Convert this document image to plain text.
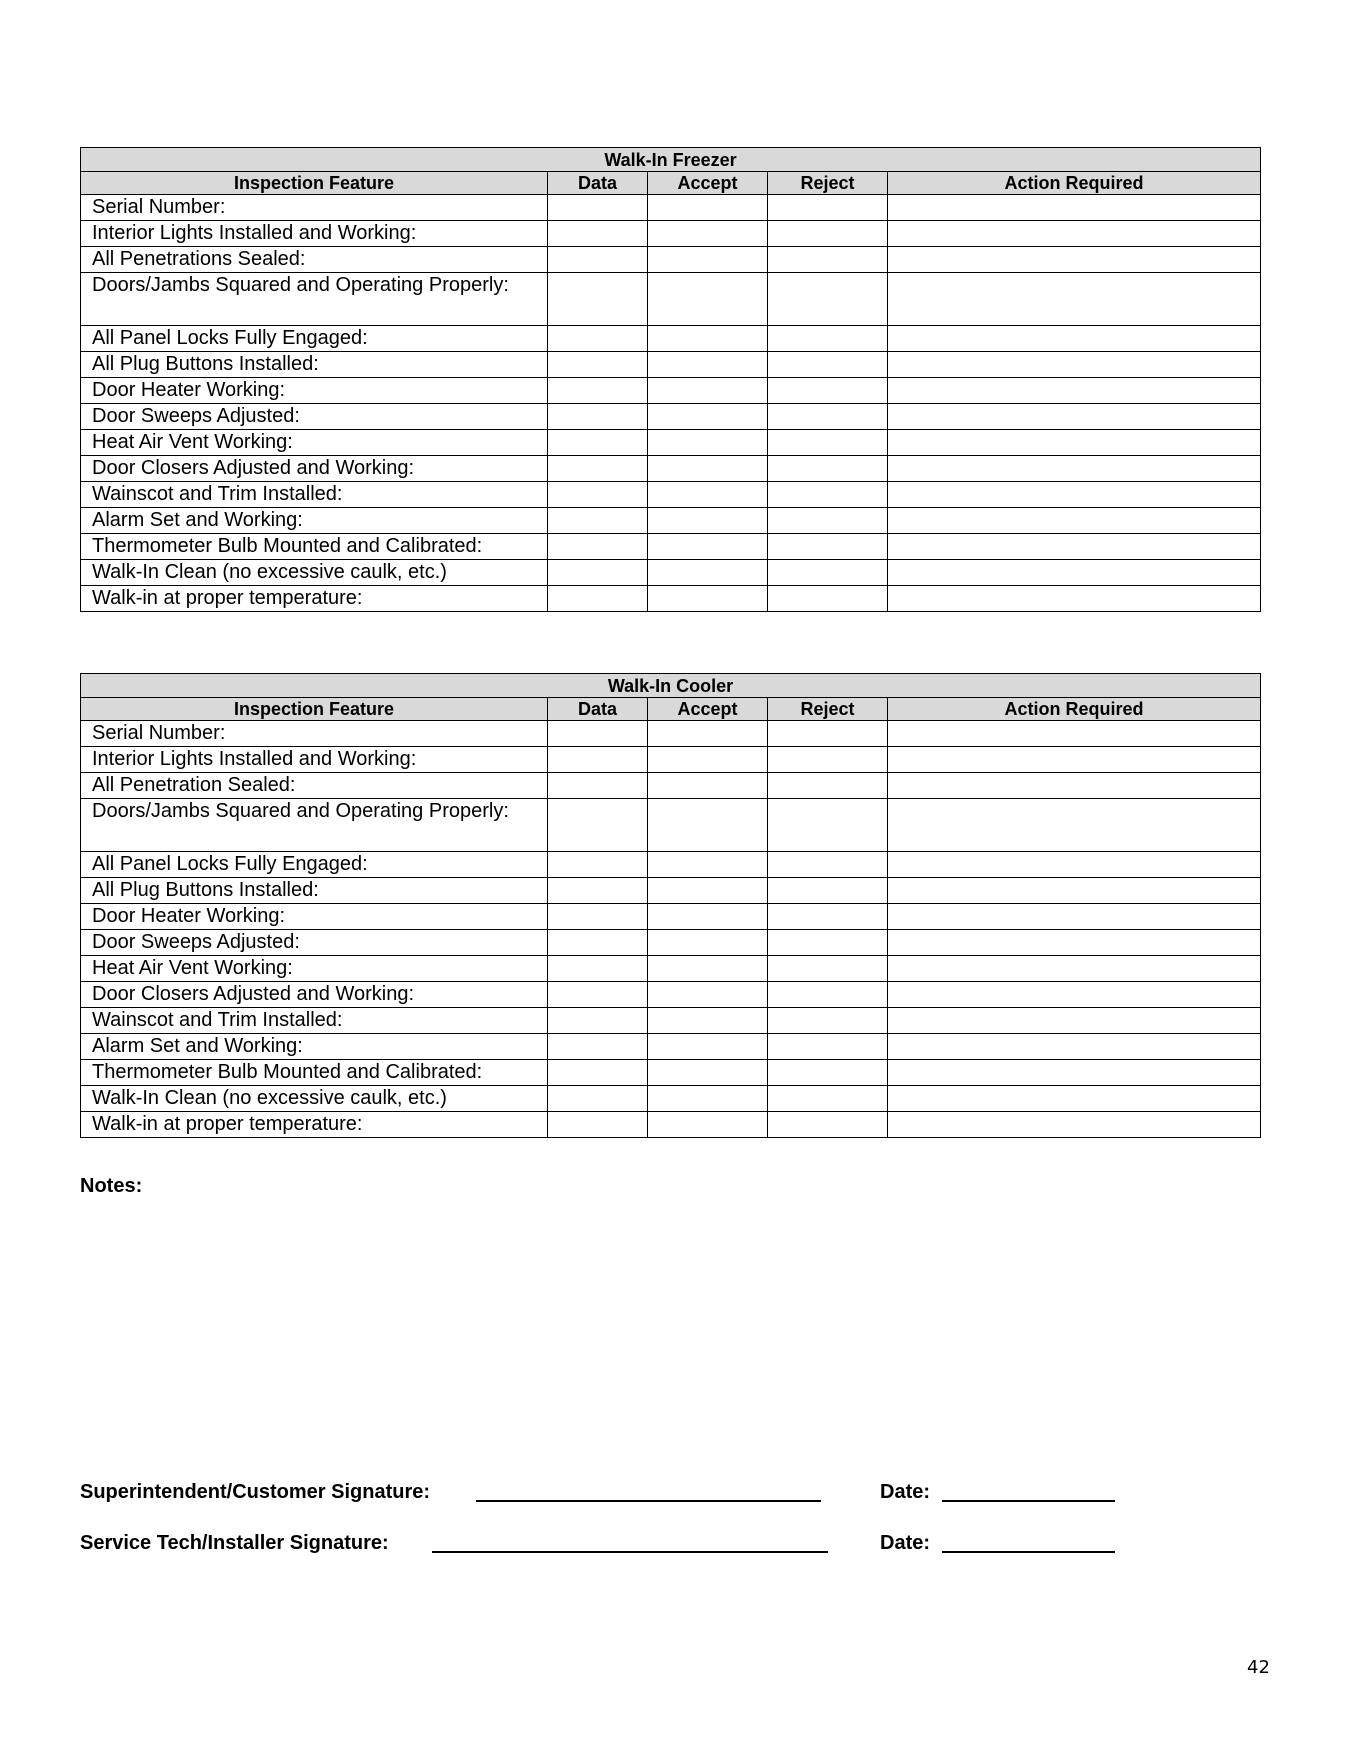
Walk-In Freezer				
Inspection Feature	Data	Accept	Reject	Action Required
Serial Number:				
Interior Lights Installed and Working:				
All Penetrations Sealed:				
Doors/Jambs Squared and Operating Properly:				
All Panel Locks Fully Engaged:				
All Plug Buttons Installed:				
Door Heater Working:				
Door Sweeps Adjusted:				
Heat Air Vent Working:				
Door Closers Adjusted and Working:				
Wainscot and Trim Installed:				
Alarm Set and Working:				
Thermometer Bulb Mounted and Calibrated:				
Walk-In Clean (no excessive caulk, etc.)				
Walk-in at proper temperature:				
Walk-In Cooler				
Inspection Feature	Data	Accept	Reject	Action Required
Serial Number:				
Interior Lights Installed and Working:				
All Penetration Sealed:				
Doors/Jambs Squared and Operating Properly:				
All Panel Locks Fully Engaged:				
All Plug Buttons Installed:				
Door Heater Working:				
Door Sweeps Adjusted:				
Heat Air Vent Working:				
Door Closers Adjusted and Working:				
Wainscot and Trim Installed:				
Alarm Set and Working:				
Thermometer Bulb Mounted and Calibrated:				
Walk-In Clean (no excessive caulk, etc.)				
Walk-in at proper temperature:				
Notes:
Superintendent/Customer Signature:	Date:
Service Tech/Installer Signature:	Date:
42
